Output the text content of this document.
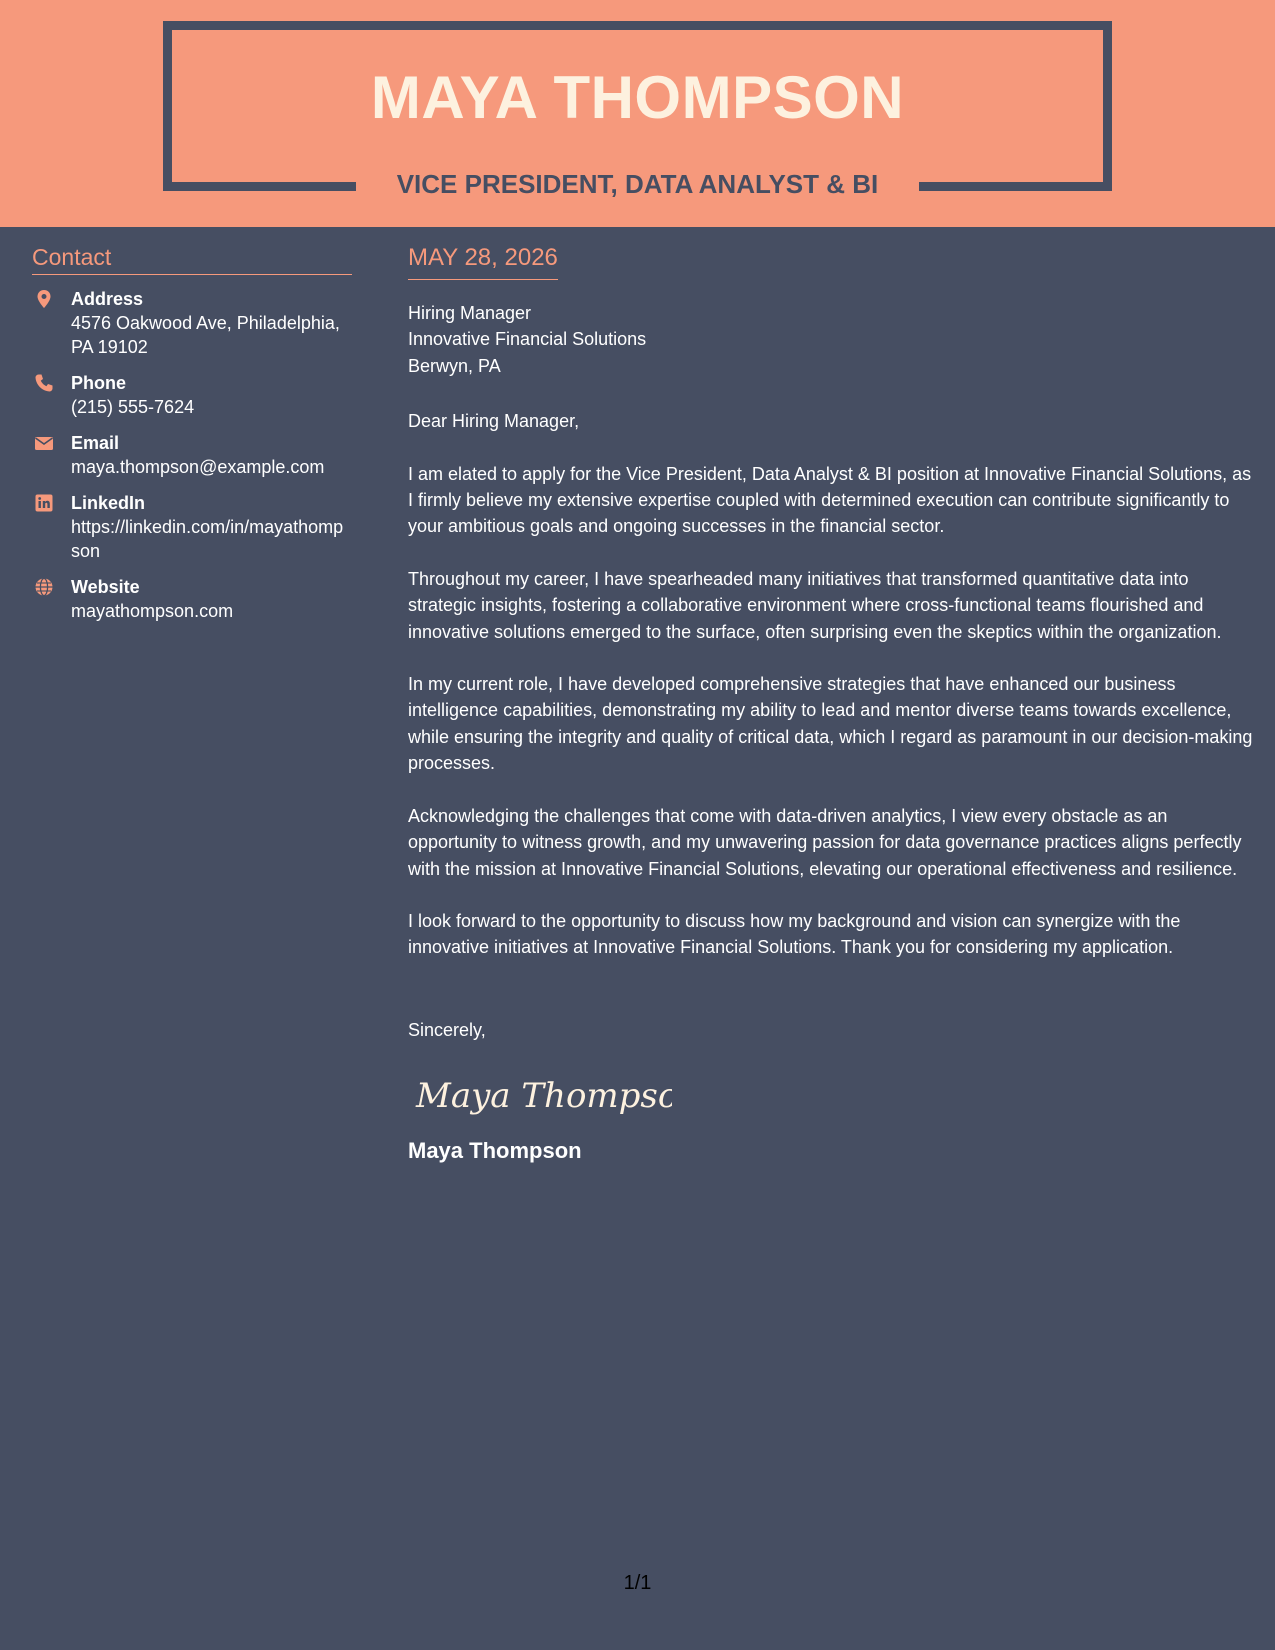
MAYA THOMPSON
VICE PRESIDENT, DATA ANALYST & BI
Contact
Address
4576 Oakwood Ave, Philadelphia, PA 19102
Phone
(215) 555-7624
Email
maya.thompson@example.com
LinkedIn
https://linkedin.com/in/mayathompson
Website
mayathompson.com
MAY 28, 2026
Hiring Manager
Innovative Financial Solutions
Berwyn, PA
Dear Hiring Manager,

I am elated to apply for the Vice President, Data Analyst & BI position at Innovative Financial Solutions, as I firmly believe my extensive expertise coupled with determined execution can contribute significantly to your ambitious goals and ongoing successes in the financial sector.

Throughout my career, I have spearheaded many initiatives that transformed quantitative data into strategic insights, fostering a collaborative environment where cross-functional teams flourished and innovative solutions emerged to the surface, often surprising even the skeptics within the organization.

In my current role, I have developed comprehensive strategies that have enhanced our business intelligence capabilities, demonstrating my ability to lead and mentor diverse teams towards excellence, while ensuring the integrity and quality of critical data, which I regard as paramount in our decision-making processes.

Acknowledging the challenges that come with data-driven analytics, I view every obstacle as an opportunity to witness growth, and my unwavering passion for data governance practices aligns perfectly with the mission at Innovative Financial Solutions, elevating our operational effectiveness and resilience.

I look forward to the opportunity to discuss how my background and vision can synergize with the innovative initiatives at Innovative Financial Solutions. Thank you for considering my application.

Sincerely,
Maya Thompson
Maya Thompson
1/1
